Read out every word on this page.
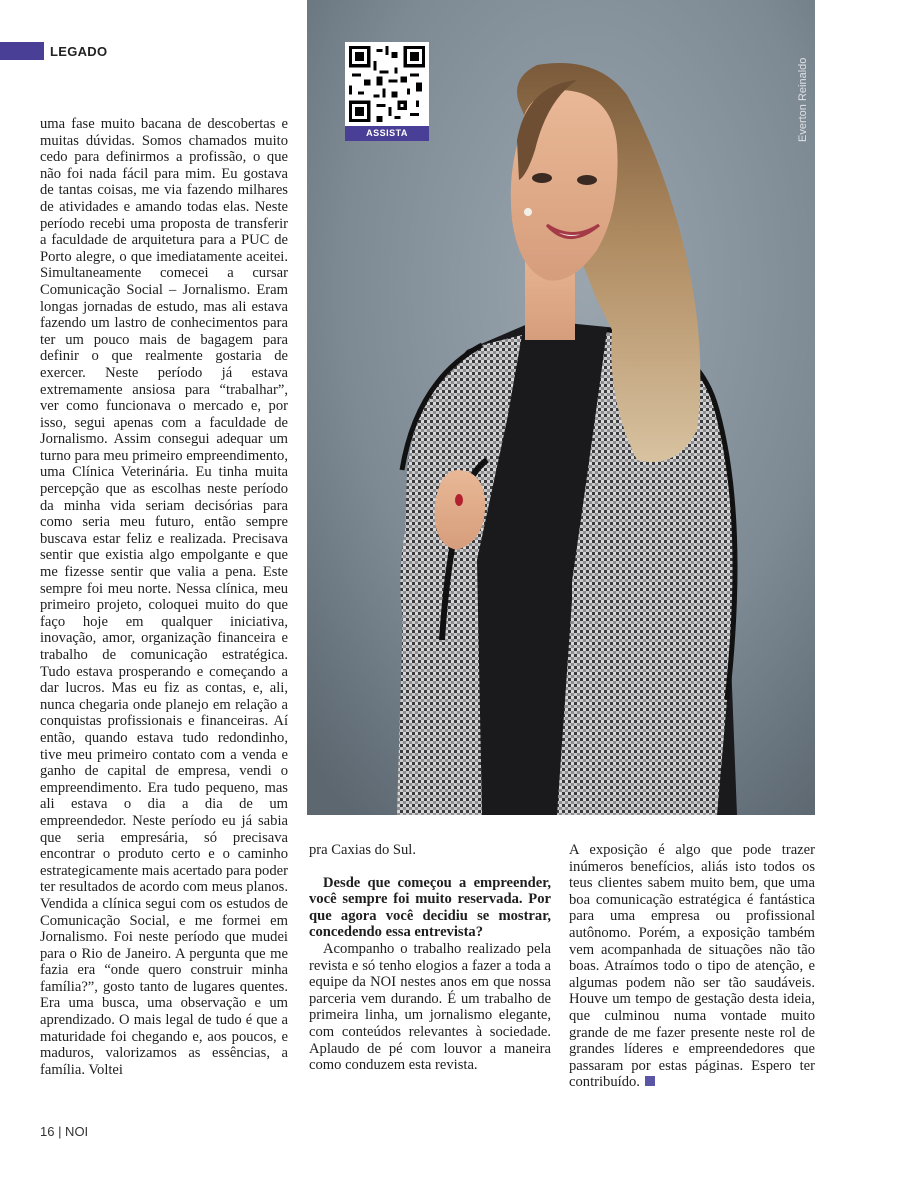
LEGADO

uma fase muito bacana de descobertas e muitas dúvidas. Somos chamados muito cedo para definirmos a profissão, o que não foi nada fácil para mim. Eu gostava de tantas coisas, me via fazendo milhares de atividades e amando todas elas. Neste período recebi uma proposta de transferir a faculdade de arquitetura para a PUC de Porto alegre, o que imediatamente aceitei. Simultaneamente comecei a cursar Comunicação Social – Jornalismo. Eram longas jornadas de estudo, mas ali estava fazendo um lastro de conhecimentos para ter um pouco mais de bagagem para definir o que realmente gostaria de exercer. Neste período já estava extremamente ansiosa para “trabalhar”, ver como funcionava o mercado e, por isso, segui apenas com a faculdade de Jornalismo. Assim consegui adequar um turno para meu primeiro empreendimento, uma Clínica Veterinária. Eu tinha muita percepção que as escolhas neste período da minha vida seriam decisórias para como seria meu futuro, então sempre buscava estar feliz e realizada. Precisava sentir que existia algo empolgante e que me fizesse sentir que valia a pena. Este sempre foi meu norte. Nessa clínica, meu primeiro projeto, coloquei muito do que faço hoje em qualquer iniciativa, inovação, amor, organização financeira e trabalho de comunicação estratégica. Tudo estava prosperando e começando a dar lucros. Mas eu fiz as contas, e, ali, nunca chegaria onde planejo em relação a conquistas profissionais e financeiras. Aí então, quando estava tudo redondinho, tive meu primeiro contato com a venda e ganho de capital de empresa, vendi o empreendimento. Era tudo pequeno, mas ali estava o dia a dia de um empreendedor. Neste período eu já sabia que seria empresária, só precisava encontrar o produto certo e o caminho estrategicamente mais acertado para poder ter resultados de acordo com meus planos. Vendida a clínica segui com os estudos de Comunicação Social, e me formei em Jornalismo. Foi neste período que mudei para o Rio de Janeiro. A pergunta que me fazia era “onde quero construir minha família?”, gosto tanto de lugares quentes. Era uma busca, uma observação e um aprendizado. O mais legal de tudo é que a maturidade foi chegando e, aos poucos, e maduros, valorizamos as essências, a família. Voltei

ASSISTA	Everton Reinaldo

pra Caxias do Sul.

Desde que começou a empreender, você sempre foi muito reservada. Por que agora você decidiu se mostrar, concedendo essa entrevista?

Acompanho o trabalho realizado pela revista e só tenho elogios a fazer a toda a equipe da NOI nestes anos em que nossa parceria vem durando. É um trabalho de primeira linha, um jornalismo elegante, com conteúdos relevantes à sociedade. Aplaudo de pé com louvor a maneira como conduzem esta revista.

A exposição é algo que pode trazer inúmeros benefícios, aliás isto todos os teus clientes sabem muito bem, que uma boa comunicação estratégica é fantástica para uma empresa ou profissional autônomo. Porém, a exposição também vem acompanhada de situações não tão boas. Atraímos todo o tipo de atenção, e algumas podem não ser tão saudáveis. Houve um tempo de gestação desta ideia, que culminou numa vontade muito grande de me fazer presente neste rol de grandes líderes e empreendedores que passaram por estas páginas. Espero ter contribuído.

16 | NOI
